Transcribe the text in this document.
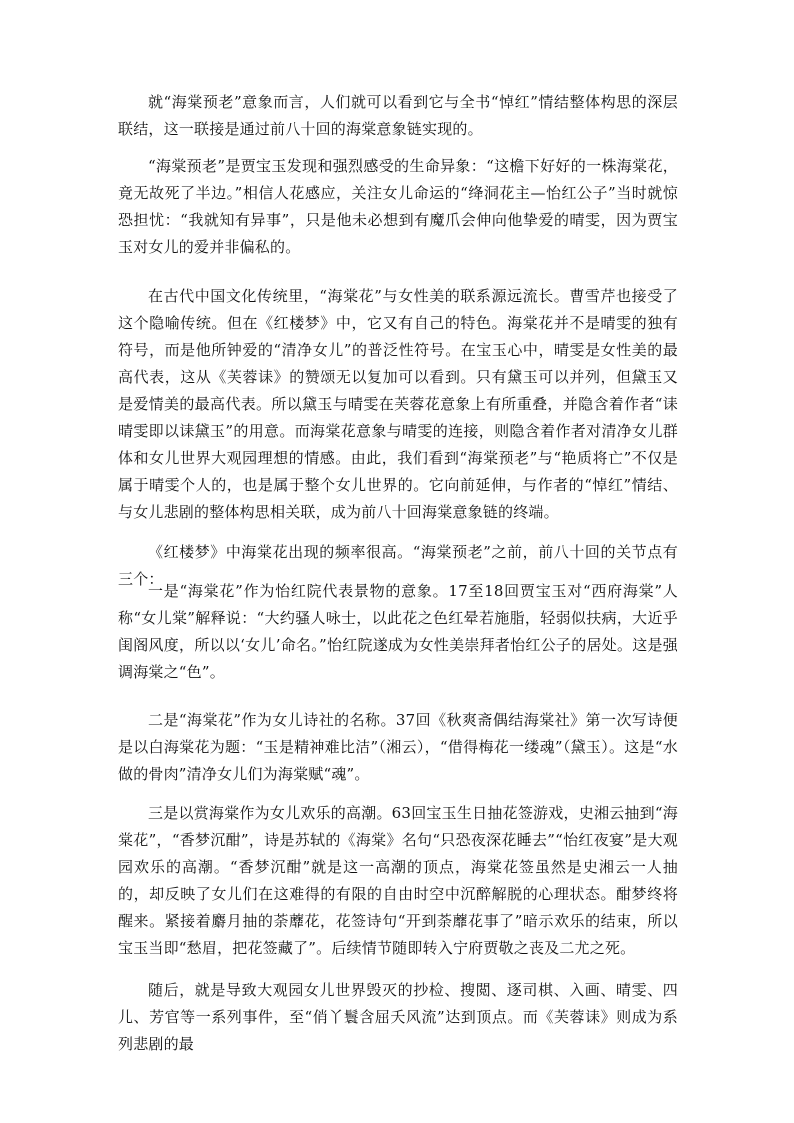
就“海棠预老”意象而言，人们就可以看到它与全书“悼红”情结整体构思的深层联结，这一联接是通过前八十回的海棠意象链实现的。

“海棠预老”是贾宝玉发现和强烈感受的生命异象：“这檐下好好的一株海棠花，竟无故死了半边。”相信人花感应，关注女儿命运的“绛洞花主—怡红公子”当时就惊恐担忧：“我就知有异事”，只是他未必想到有魔爪会伸向他挚爱的晴雯，因为贾宝玉对女儿的爱并非偏私的。

在古代中国文化传统里，“海棠花”与女性美的联系源远流长。曹雪芹也接受了这个隐喻传统。但在《红楼梦》中，它又有自己的特色。海棠花并不是晴雯的独有符号，而是他所钟爱的“清净女儿”的普泛性符号。在宝玉心中，晴雯是女性美的最高代表，这从《芙蓉诔》的赞颂无以复加可以看到。只有黛玉可以并列，但黛玉又是爱情美的最高代表。所以黛玉与晴雯在芙蓉花意象上有所重叠，并隐含着作者“诔晴雯即以诔黛玉”的用意。而海棠花意象与晴雯的连接，则隐含着作者对清净女儿群体和女儿世界大观园理想的情感。由此，我们看到“海棠预老”与“艳质将亡”不仅是属于晴雯个人的，也是属于整个女儿世界的。它向前延伸，与作者的“悼红”情结、与女儿悲剧的整体构思相关联，成为前八十回海棠意象链的终端。

《红楼梦》中海棠花出现的频率很高。“海棠预老”之前，前八十回的关节点有三个：

一是“海棠花”作为怡红院代表景物的意象。17至18回贾宝玉对“西府海棠”人称“女儿棠”解释说：“大约骚人咏士，以此花之色红晕若施脂，轻弱似扶病，大近乎闺阁风度，所以以‘女儿’命名。”怡红院遂成为女性美崇拜者怡红公子的居处。这是强调海棠之“色”。

二是“海棠花”作为女儿诗社的名称。37回《秋爽斋偶结海棠社》第一次写诗便是以白海棠花为题：“玉是精神难比洁”（湘云），“借得梅花一缕魂”（黛玉）。这是“水做的骨肉”清净女儿们为海棠赋“魂”。

三是以赏海棠作为女儿欢乐的高潮。63回宝玉生日抽花签游戏，史湘云抽到“海棠花”，“香梦沉酣”，诗是苏轼的《海棠》名句“只恐夜深花睡去”“怡红夜宴”是大观园欢乐的高潮。“香梦沉酣”就是这一高潮的顶点，海棠花签虽然是史湘云一人抽的，却反映了女儿们在这难得的有限的自由时空中沉醉解脱的心理状态。酣梦终将醒来。紧接着麝月抽的荼蘼花，花签诗句“开到荼蘼花事了”暗示欢乐的结束，所以宝玉当即“愁眉，把花签藏了”。后续情节随即转入宁府贾敬之丧及二尤之死。

随后，就是导致大观园女儿世界毁灭的抄检、搜閲、逐司棋、入画、晴雯、四儿、芳官等一系列事件，至“俏丫鬟含屈夭风流”达到顶点。而《芙蓉诔》则成为系列悲剧的最
